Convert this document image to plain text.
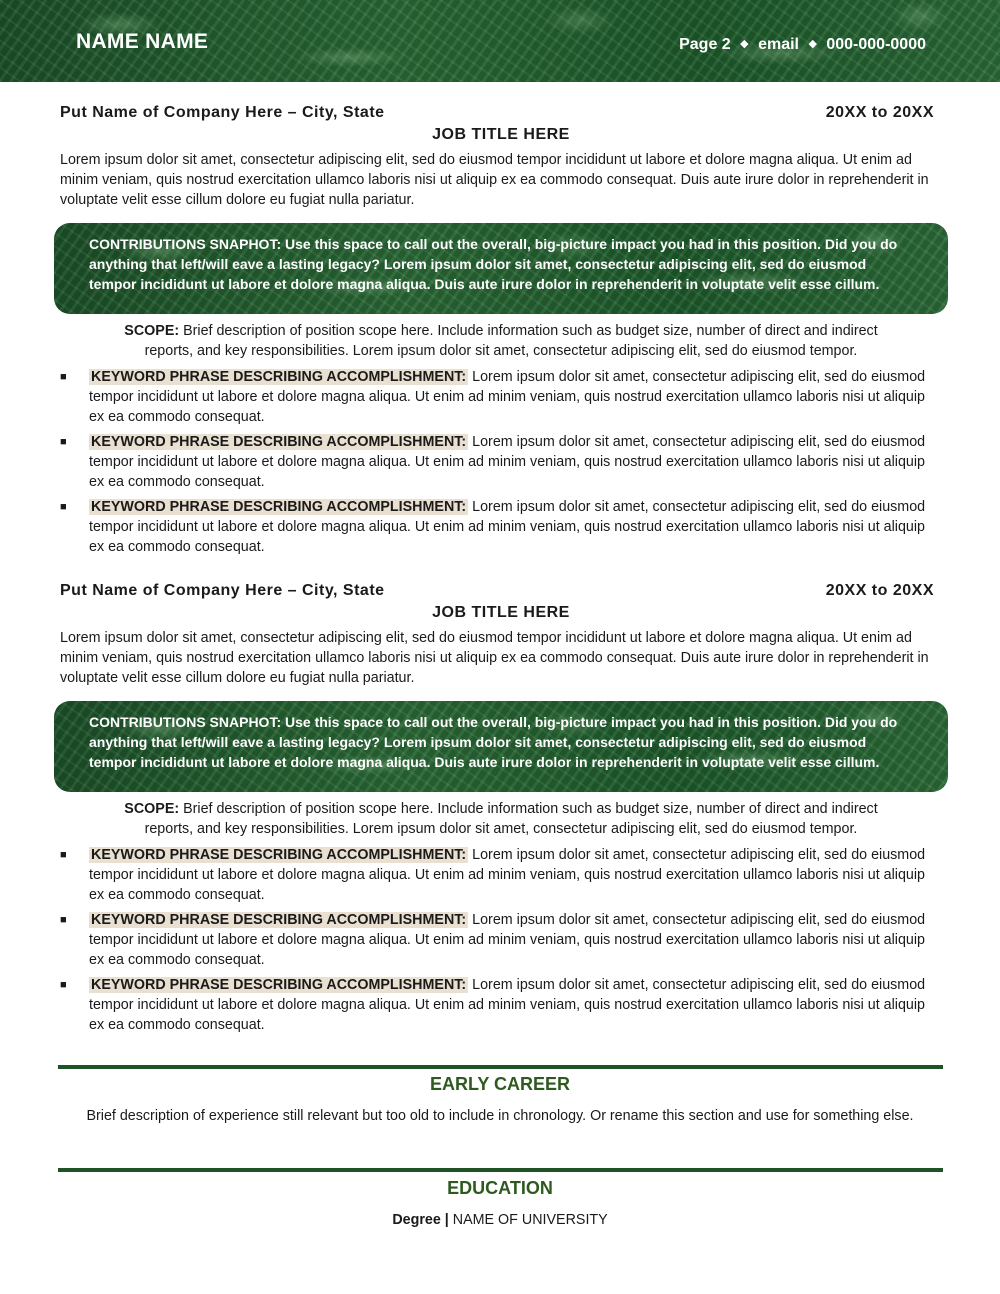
NAME NAME	Page 2 ◆ email ◆ 000-000-0000
Put Name of Company Here – City, State	20XX to 20XX
JOB TITLE HERE

Lorem ipsum dolor sit amet, consectetur adipiscing elit, sed do eiusmod tempor incididunt ut labore et dolore magna aliqua. Ut enim ad minim veniam, quis nostrud exercitation ullamco laboris nisi ut aliquip ex ea commodo consequat. Duis aute irure dolor in reprehenderit in voluptate velit esse cillum dolore eu fugiat nulla pariatur.

CONTRIBUTIONS SNAPHOT: Use this space to call out the overall, big-picture impact you had in this position. Did you do anything that left/will eave a lasting legacy? Lorem ipsum dolor sit amet, consectetur adipiscing elit, sed do eiusmod tempor incididunt ut labore et dolore magna aliqua. Duis aute irure dolor in reprehenderit in voluptate velit esse cillum.

SCOPE: Brief description of position scope here. Include information such as budget size, number of direct and indirect reports, and key responsibilities. Lorem ipsum dolor sit amet, consectetur adipiscing elit, sed do eiusmod tempor.

■ KEYWORD PHRASE DESCRIBING ACCOMPLISHMENT: Lorem ipsum dolor sit amet, consectetur adipiscing elit, sed do eiusmod tempor incididunt ut labore et dolore magna aliqua. Ut enim ad minim veniam, quis nostrud exercitation ullamco laboris nisi ut aliquip ex ea commodo consequat.
■ KEYWORD PHRASE DESCRIBING ACCOMPLISHMENT: Lorem ipsum dolor sit amet, consectetur adipiscing elit, sed do eiusmod tempor incididunt ut labore et dolore magna aliqua. Ut enim ad minim veniam, quis nostrud exercitation ullamco laboris nisi ut aliquip ex ea commodo consequat.
■ KEYWORD PHRASE DESCRIBING ACCOMPLISHMENT: Lorem ipsum dolor sit amet, consectetur adipiscing elit, sed do eiusmod tempor incididunt ut labore et dolore magna aliqua. Ut enim ad minim veniam, quis nostrud exercitation ullamco laboris nisi ut aliquip ex ea commodo consequat.
Put Name of Company Here – City, State	20XX to 20XX
JOB TITLE HERE

Lorem ipsum dolor sit amet, consectetur adipiscing elit, sed do eiusmod tempor incididunt ut labore et dolore magna aliqua. Ut enim ad minim veniam, quis nostrud exercitation ullamco laboris nisi ut aliquip ex ea commodo consequat. Duis aute irure dolor in reprehenderit in voluptate velit esse cillum dolore eu fugiat nulla pariatur.

CONTRIBUTIONS SNAPHOT: Use this space to call out the overall, big-picture impact you had in this position. Did you do anything that left/will eave a lasting legacy? Lorem ipsum dolor sit amet, consectetur adipiscing elit, sed do eiusmod tempor incididunt ut labore et dolore magna aliqua. Duis aute irure dolor in reprehenderit in voluptate velit esse cillum.

SCOPE: Brief description of position scope here. Include information such as budget size, number of direct and indirect reports, and key responsibilities. Lorem ipsum dolor sit amet, consectetur adipiscing elit, sed do eiusmod tempor.

■ KEYWORD PHRASE DESCRIBING ACCOMPLISHMENT: Lorem ipsum dolor sit amet, consectetur adipiscing elit, sed do eiusmod tempor incididunt ut labore et dolore magna aliqua. Ut enim ad minim veniam, quis nostrud exercitation ullamco laboris nisi ut aliquip ex ea commodo consequat.
■ KEYWORD PHRASE DESCRIBING ACCOMPLISHMENT: Lorem ipsum dolor sit amet, consectetur adipiscing elit, sed do eiusmod tempor incididunt ut labore et dolore magna aliqua. Ut enim ad minim veniam, quis nostrud exercitation ullamco laboris nisi ut aliquip ex ea commodo consequat.
■ KEYWORD PHRASE DESCRIBING ACCOMPLISHMENT: Lorem ipsum dolor sit amet, consectetur adipiscing elit, sed do eiusmod tempor incididunt ut labore et dolore magna aliqua. Ut enim ad minim veniam, quis nostrud exercitation ullamco laboris nisi ut aliquip ex ea commodo consequat.
EARLY CAREER
Brief description of experience still relevant but too old to include in chronology. Or rename this section and use for something else.
EDUCATION
Degree | NAME OF UNIVERSITY
